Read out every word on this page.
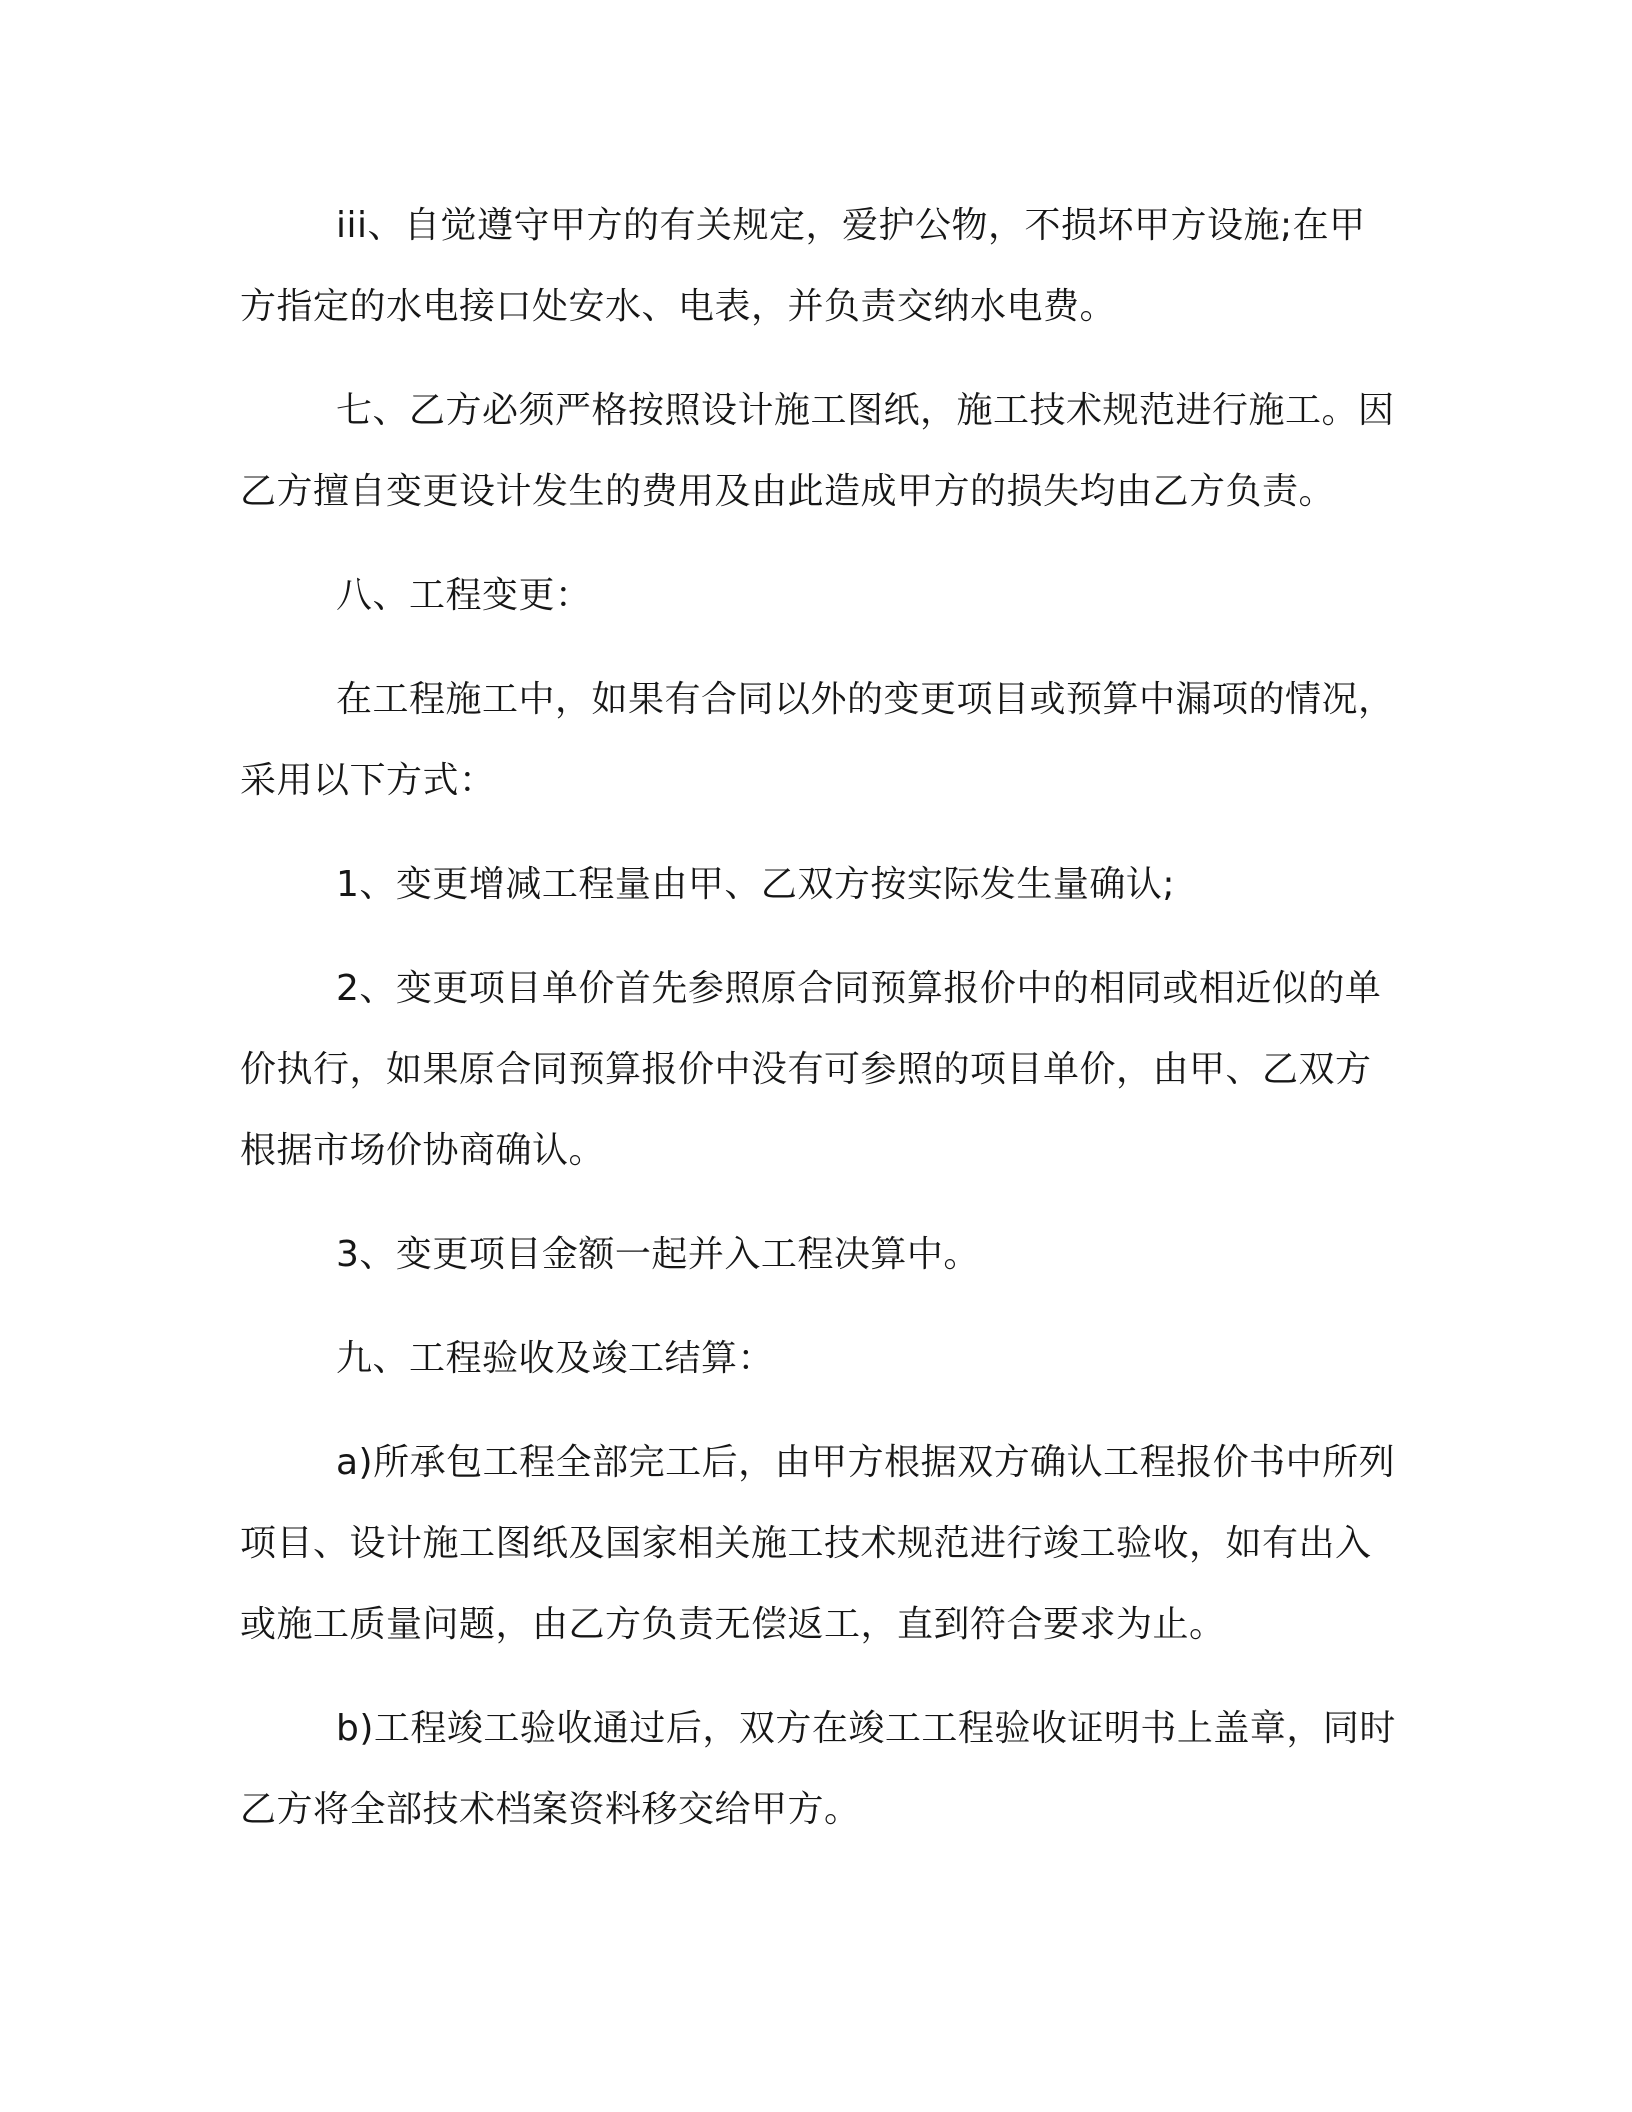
iii、自觉遵守甲方的有关规定，爱护公物，不损坏甲方设施;在甲方指定的水电接口处安水、电表，并负责交纳水电费。

七、乙方必须严格按照设计施工图纸，施工技术规范进行施工。因乙方擅自变更设计发生的费用及由此造成甲方的损失均由乙方负责。

八、工程变更：

在工程施工中，如果有合同以外的变更项目或预算中漏项的情况，采用以下方式：

1、变更增减工程量由甲、乙双方按实际发生量确认;

2、变更项目单价首先参照原合同预算报价中的相同或相近似的单价执行，如果原合同预算报价中没有可参照的项目单价，由甲、乙双方根据市场价协商确认。

3、变更项目金额一起并入工程决算中。

九、工程验收及竣工结算：

a)所承包工程全部完工后，由甲方根据双方确认工程报价书中所列项目、设计施工图纸及国家相关施工技术规范进行竣工验收，如有出入或施工质量问题，由乙方负责无偿返工，直到符合要求为止。

b)工程竣工验收通过后，双方在竣工工程验收证明书上盖章，同时乙方将全部技术档案资料移交给甲方。
